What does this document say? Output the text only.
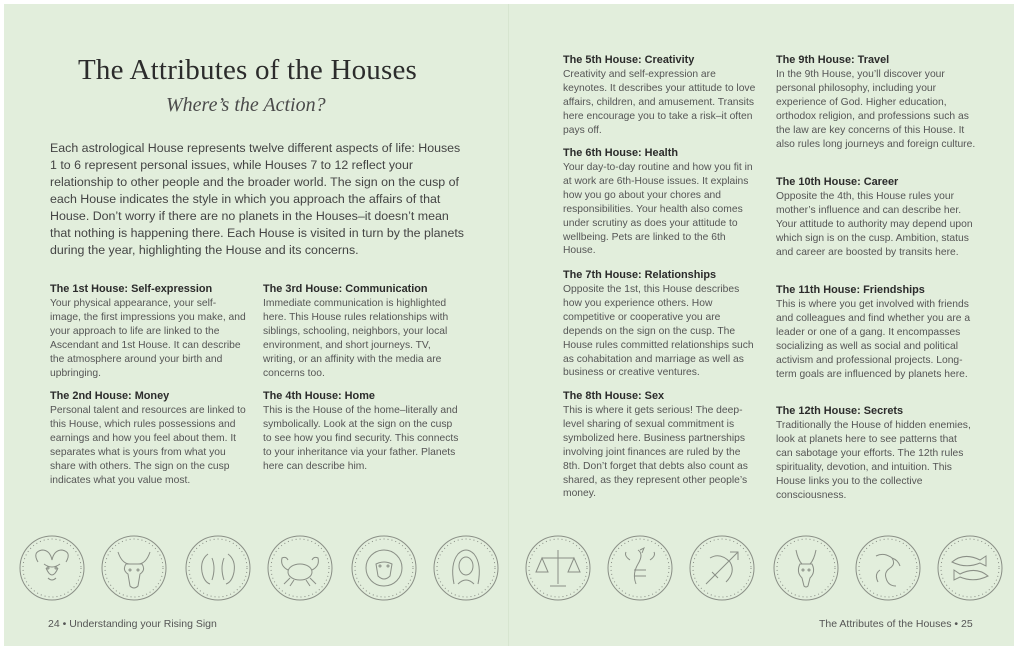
The Attributes of the Houses
Where’s the Action?
Each astrological House represents twelve different aspects of life: Houses 1 to 6 represent personal issues, while Houses 7 to 12 reflect your relationship to other people and the broader world. The sign on the cusp of each House indicates the style in which you approach the affairs of that House. Don’t worry if there are no planets in the Houses–it doesn’t mean that nothing is happening there. Each House is visited in turn by the planets during the year, highlighting the House and its concerns.
The 1st House: Self-expression

Your physical appearance, your self-image, the first impressions you make, and your approach to life are linked to the Ascendant and 1st House. It can describe the atmosphere around your birth and upbringing.

The 2nd House: Money

Personal talent and resources are linked to this House, which rules possessions and earnings and how you feel about them. It separates what is yours from what you share with others. The sign on the cusp indicates what you value most.

The 3rd House: Communication

Immediate communication is highlighted here. This House rules relationships with siblings, schooling, neighbors, your local environment, and short journeys. TV, writing, or an affinity with the media are concerns too.

The 4th House: Home

This is the House of the home–literally and symbolically. Look at the sign on the cusp to see how you find security. This connects to your inheritance via your father. Planets here can describe him.

The 5th House: Creativity

Creativity and self-expression are keynotes. It describes your attitude to love affairs, children, and amusement. Transits here encourage you to take a risk–it often pays off.

The 6th House: Health

Your day-to-day routine and how you fit in at work are 6th-House issues. It explains how you go about your chores and responsibilities. Your health also comes under scrutiny as does your attitude to wellbeing. Pets are linked to the 6th House.

The 7th House: Relationships

Opposite the 1st, this House describes how you experience others. How competitive or cooperative you are depends on the sign on the cusp. The House rules committed relationships such as cohabitation and marriage as well as business or creative ventures.

The 8th House: Sex

This is where it gets serious! The deep-level sharing of sexual commitment is symbolized here. Business partnerships involving joint finances are ruled by the 8th. Don’t forget that debts also count as shared, as they represent other people’s money.

The 9th House: Travel

In the 9th House, you’ll discover your personal philosophy, including your experience of God. Higher education, orthodox religion, and professions such as the law are key concerns of this House. It also rules long journeys and foreign culture.

The 10th House: Career

Opposite the 4th, this House rules your mother’s influence and can describe her. Your attitude to authority may depend upon which sign is on the cusp. Ambition, status and career are boosted by transits here.

The 11th House: Friendships

This is where you get involved with friends and colleagues and find whether you are a leader or one of a gang. It encompasses socializing as well as social and political activism and professional projects. Long-term goals are influenced by planets here.

The 12th House: Secrets

Traditionally the House of hidden enemies, look at planets here to see patterns that can sabotage your efforts. The 12th rules spirituality, devotion, and intuition. This House links you to the collective consciousness.

24 • Understanding your Rising Sign	The Attributes of the Houses • 25
